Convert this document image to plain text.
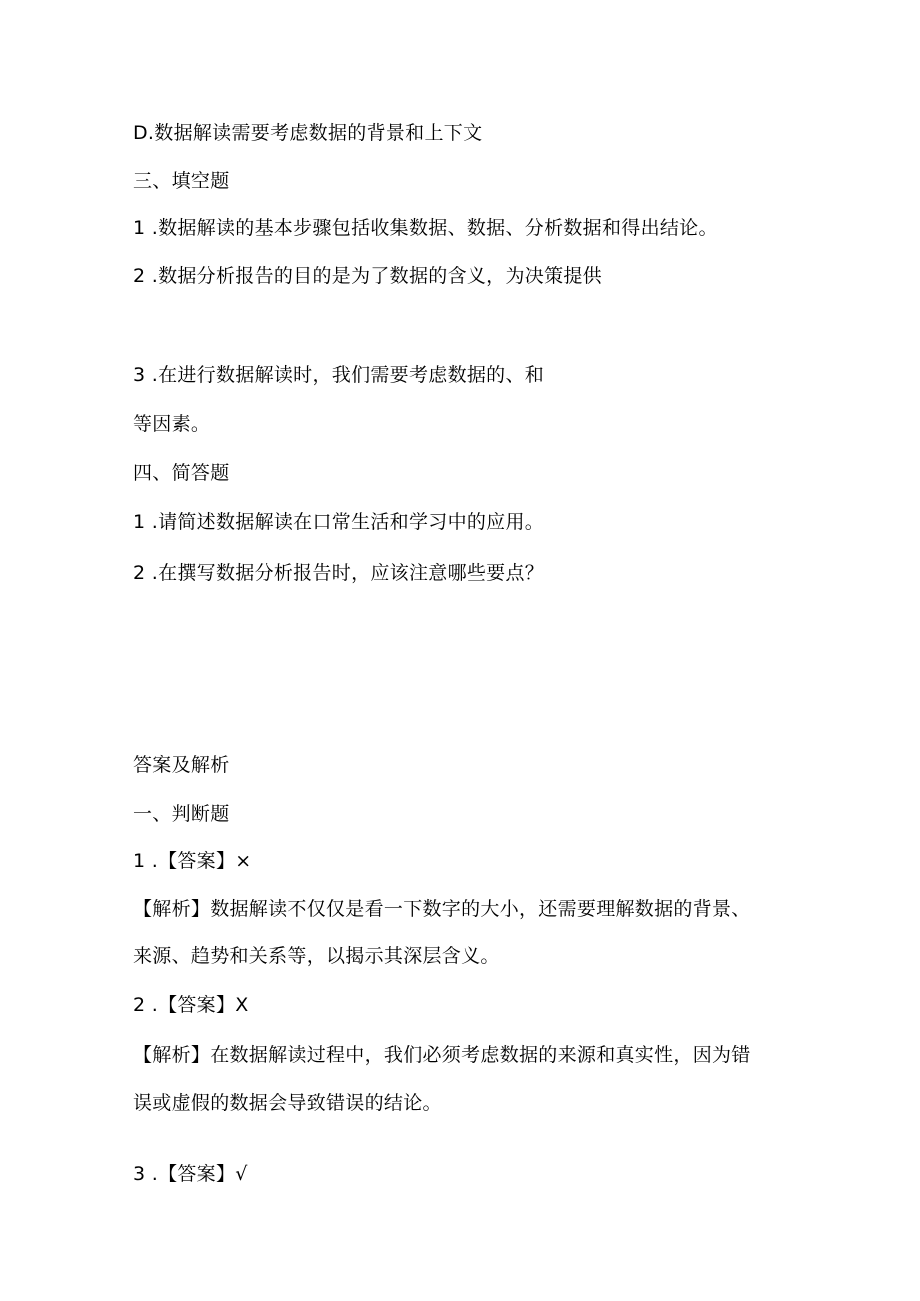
D.数据解读需要考虑数据的背景和上下文
三、填空题
1 .数据解读的基本步骤包括收集数据、数据、分析数据和得出结论。
2 .数据分析报告的目的是为了数据的含义，为决策提供
3 .在进行数据解读时，我们需要考虑数据的、和
等因素。
四、简答题
1 .请简述数据解读在口常生活和学习中的应用。
2 .在撰写数据分析报告时，应该注意哪些要点？
答案及解析
一、判断题
1 .【答案】×
【解析】数据解读不仅仅是看一下数字的大小，还需要理解数据的背景、
来源、趋势和关系等，以揭示其深层含义。
2 .【答案】X
【解析】在数据解读过程中，我们必须考虑数据的来源和真实性，因为错
误或虚假的数据会导致错误的结论。
3 .【答案】√
